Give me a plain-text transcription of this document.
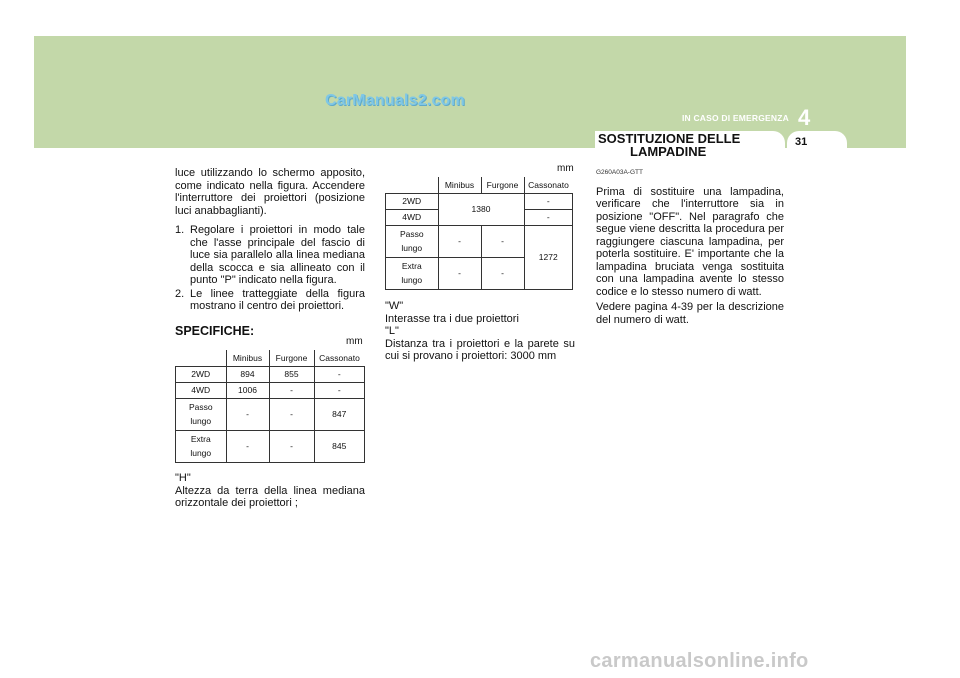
CarManuals2.com
IN CASO DI EMERGENZA 4
SOSTITUZIONE DELLE
LAMPADINE
31

luce utilizzando lo schermo apposito, come indicato nella figura. Accendere l'interruttore dei proiettori (posizione luci anabbaglianti).

1. Regolare i proiettori in modo tale che l'asse principale del fascio di luce sia parallelo alla linea mediana della scocca e sia allineato con il punto "P" indicato nella figura.
2. Le linee tratteggiate della figura mostrano il centro dei proiettori.
SPECIFICHE:
mm
	Minibus	Furgone	Cassonato
2WD	894	855	-
4WD	1006	-	-

Passo
lungo	-	-	847

Extra
lungo	-	-	845
"H"
Altezza da terra della linea mediana orizzontale dei proiettori ;
mm
	Minibus	Furgone	Cassonato
2WD	1380		-
4WD			-

Passo
lungo	-	-	1272

Extra
lungo	-	-	
"W"
Interasse tra i due proiettori
"L"
Distanza tra i proiettori e la parete su cui si provano i proiettori: 3000 mm
G260A03A-GTT

Prima di sostituire una lampadina, verificare che l'interruttore sia in posizione "OFF". Nel paragrafo che segue viene descritta la procedura per raggiungere ciascuna lampadina, per poterla sostituire. E' importante che la lampadina bruciata venga sostituita con una lampadina avente lo stesso codice e lo stesso numero di watt.

Vedere pagina 4-39 per la descrizione del numero di watt.

carmanualsonline.info
